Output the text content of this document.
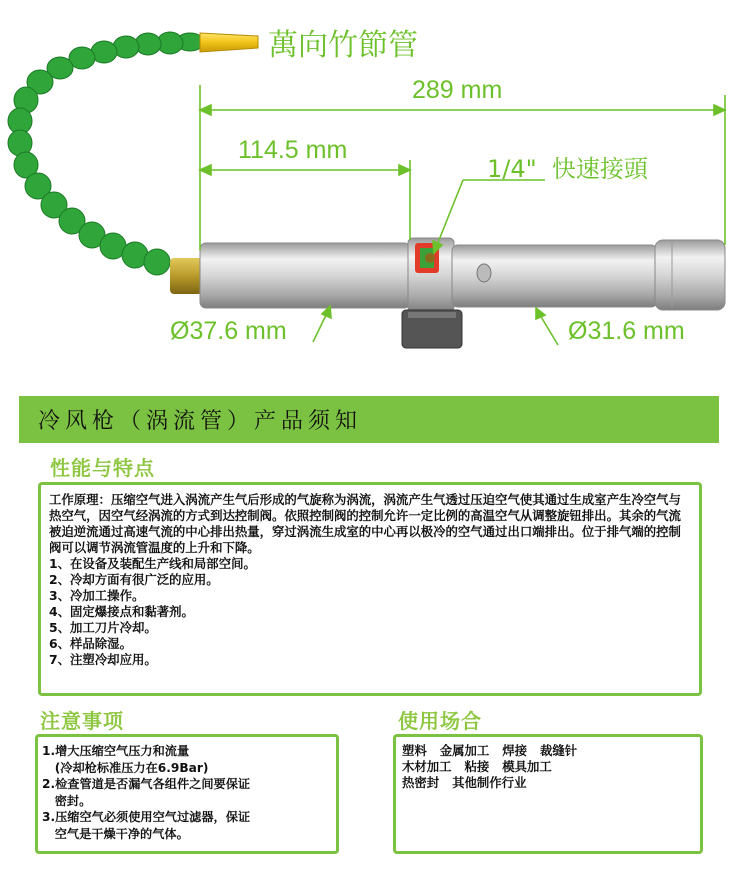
萬向竹節管
289 mm
114.5 mm
1/4"  快速接頭
Ø37.6 mm	Ø31.6 mm
冷风枪（涡流管）产品须知
性能与特点
工作原理：压缩空气进入涡流产生气后形成的气旋称为涡流，涡流产生气透过压迫空气使其通过生成室产生冷空气与热空气，因空气经涡流的方式到达控制阀。依照控制阀的控制允许一定比例的高温空气从调整旋钮排出。其余的气流被迫逆流通过高速气流的中心排出热量，穿过涡流生成室的中心再以极冷的空气通过出口端排出。位于排气端的控制阀可以调节涡流管温度的上升和下降。
1、在设备及装配生产线和局部空间。
2、冷却方面有很广泛的应用。
3、冷加工操作。
4、固定爆接点和黏著剂。
5、加工刀片冷却。
6、样品除湿。
7、注塑冷却应用。
注意事项
1.增大压缩空气压力和流量
(冷却枪标准压力在6.9Bar)
2.检查管道是否漏气各组件之间要保证
密封。
3.压缩空气必须使用空气过滤器，保证
空气是干燥干净的气体。
使用场合
塑料   金属加工   焊接   裁缝针
木材加工   粘接   模具加工
热密封   其他制作行业
